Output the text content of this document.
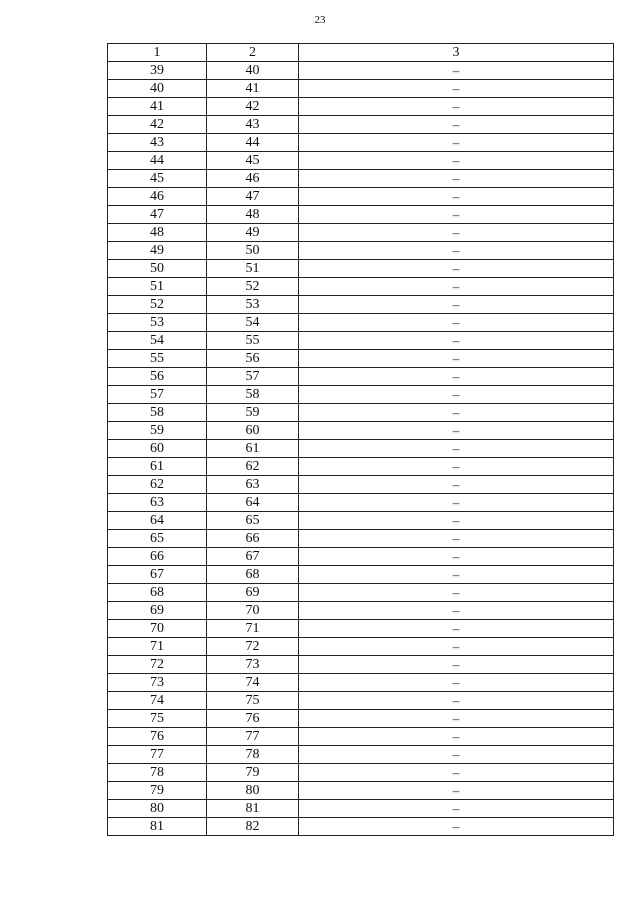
23
1	2	3
39	40	–
40	41	–
41	42	–
42	43	–
43	44	–
44	45	–
45	46	–
46	47	–
47	48	–
48	49	–
49	50	–
50	51	–
51	52	–
52	53	–
53	54	–
54	55	–
55	56	–
56	57	–
57	58	–
58	59	–
59	60	–
60	61	–
61	62	–
62	63	–
63	64	–
64	65	–
65	66	–
66	67	–
67	68	–
68	69	–
69	70	–
70	71	–
71	72	–
72	73	–
73	74	–
74	75	–
75	76	–
76	77	–
77	78	–
78	79	–
79	80	–
80	81	–
81	82	–
